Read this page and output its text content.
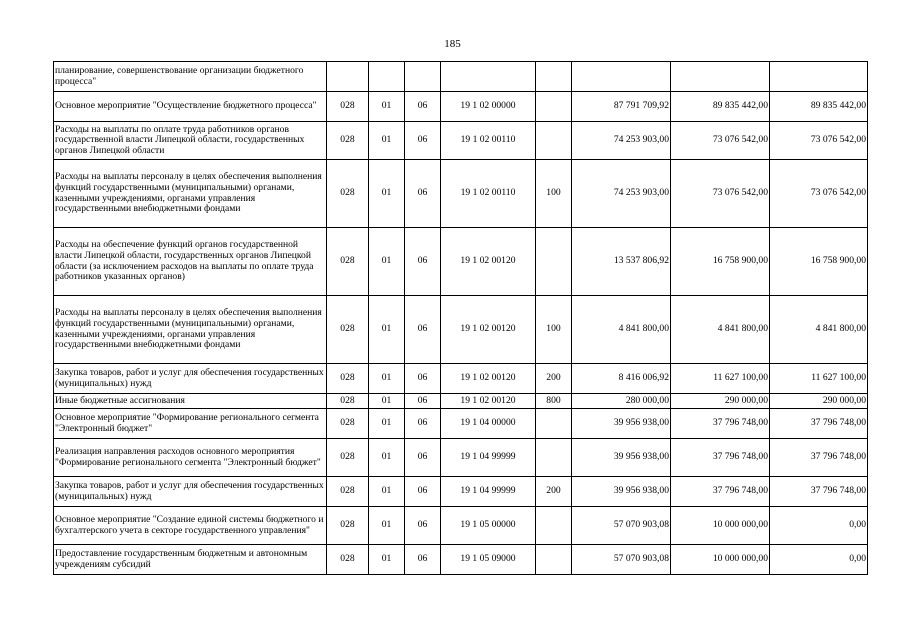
185
планирование, совершенствование организации бюджетного процесса"								
Основное мероприятие "Осуществление бюджетного процесса"	028	01	06	19 1 02 00000		87 791 709,92	89 835 442,00	89 835 442,00
Расходы на выплаты по оплате труда работников органов государственной власти Липецкой области, государственных органов Липецкой области	028	01	06	19 1 02 00110		74 253 903,00	73 076 542,00	73 076 542,00
Расходы на выплаты персоналу в целях обеспечения выполнения функций государственными (муниципальными) органами, казенными учреждениями, органами управления государственными внебюджетными фондами	028	01	06	19 1 02 00110	100	74 253 903,00	73 076 542,00	73 076 542,00
Расходы на обеспечение функций органов государственной власти Липецкой области, государственных органов Липецкой области (за исключением расходов на выплаты по оплате труда работников указанных органов)	028	01	06	19 1 02 00120		13 537 806,92	16 758 900,00	16 758 900,00
Расходы на выплаты персоналу в целях обеспечения выполнения функций государственными (муниципальными) органами, казенными учреждениями, органами управления государственными внебюджетными фондами	028	01	06	19 1 02 00120	100	4 841 800,00	4 841 800,00	4 841 800,00
Закупка товаров, работ и услуг для обеспечения государственных (муниципальных) нужд	028	01	06	19 1 02 00120	200	8 416 006,92	11 627 100,00	11 627 100,00
Иные бюджетные ассигнования	028	01	06	19 1 02 00120	800	280 000,00	290 000,00	290 000,00
Основное мероприятие "Формирование регионального сегмента "Электронный бюджет"	028	01	06	19 1 04 00000		39 956 938,00	37 796 748,00	37 796 748,00
Реализация направления расходов основного мероприятия "Формирование регионального сегмента "Электронный бюджет"	028	01	06	19 1 04 99999		39 956 938,00	37 796 748,00	37 796 748,00
Закупка товаров, работ и услуг для обеспечения государственных (муниципальных) нужд	028	01	06	19 1 04 99999	200	39 956 938,00	37 796 748,00	37 796 748,00
Основное мероприятие "Создание единой системы бюджетного и бухгалтерского учета в секторе государственного управления"	028	01	06	19 1 05 00000		57 070 903,08	10 000 000,00	0,00
Предоставление государственным бюджетным и автономным учреждениям субсидий	028	01	06	19 1 05 09000		57 070 903,08	10 000 000,00	0,00
